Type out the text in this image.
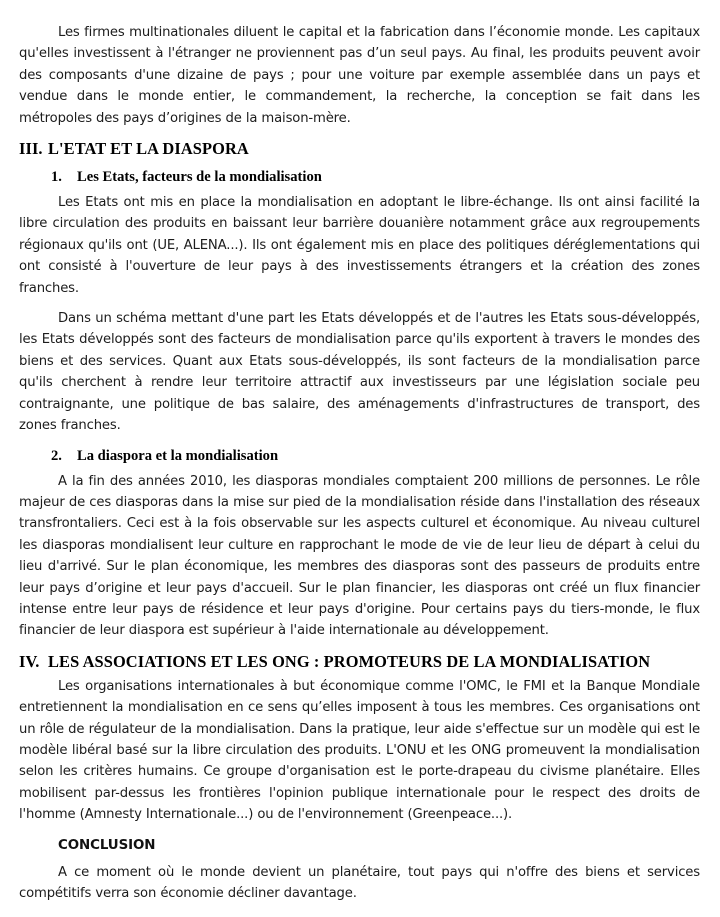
Les firmes multinationales diluent le capital et la fabrication dans l’économie monde. Les capitaux qu'elles investissent à l'étranger ne proviennent pas d’un seul pays. Au final, les produits peuvent avoir des composants d'une dizaine de pays ; pour une voiture par exemple assemblée dans un pays et vendue dans le monde entier, le commandement, la recherche, la conception se fait dans les métropoles des pays d’origines de la maison-mère.

III. L'ETAT ET LA DIASPORA
1. Les Etats, facteurs de la mondialisation

Les Etats ont mis en place la mondialisation en adoptant le libre-échange. Ils ont ainsi facilité la libre circulation des produits en baissant leur barrière douanière notamment grâce aux regroupements régionaux qu'ils ont (UE, ALENA...). Ils ont également mis en place des politiques déréglementations qui ont consisté à l'ouverture de leur pays à des investissements étrangers et la création des zones franches.

Dans un schéma mettant d'une part les Etats développés et de l'autres les Etats sous-développés, les Etats développés sont des facteurs de mondialisation parce qu'ils exportent à travers le mondes des biens et des services. Quant aux Etats sous-développés, ils sont facteurs de la mondialisation parce qu'ils cherchent à rendre leur territoire attractif aux investisseurs par une législation sociale peu contraignante, une politique de bas salaire, des aménagements d'infrastructures de transport, des zones franches.

2. La diaspora et la mondialisation

A la fin des années 2010, les diasporas mondiales comptaient 200 millions de personnes. Le rôle majeur de ces diasporas dans la mise sur pied de la mondialisation réside dans l'installation des réseaux transfrontaliers. Ceci est à la fois observable sur les aspects culturel et économique. Au niveau culturel les diasporas mondialisent leur culture en rapprochant le mode de vie de leur lieu de départ à celui du lieu d'arrivé. Sur le plan économique, les membres des diasporas sont des passeurs de produits entre leur pays d’origine et leur pays d'accueil. Sur le plan financier, les diasporas ont créé un flux financier intense entre leur pays de résidence et leur pays d'origine. Pour certains pays du tiers-monde, le flux financier de leur diaspora est supérieur à l'aide internationale au développement.

IV. LES ASSOCIATIONS ET LES ONG : PROMOTEURS DE LA MONDIALISATION

Les organisations internationales à but économique comme l'OMC, le FMI et la Banque Mondiale entretiennent la mondialisation en ce sens qu’elles imposent à tous les membres. Ces organisations ont un rôle de régulateur de la mondialisation. Dans la pratique, leur aide s'effectue sur un modèle qui est le modèle libéral basé sur la libre circulation des produits. L'ONU et les ONG promeuvent la mondialisation selon les critères humains. Ce groupe d'organisation est le porte-drapeau du civisme planétaire. Elles mobilisent par-dessus les frontières l'opinion publique internationale pour le respect des droits de l'homme (Amnesty Internationale...) ou de l'environnement (Greenpeace...).

CONCLUSION

A ce moment où le monde devient un planétaire, tout pays qui n'offre des biens et services compétitifs verra son économie décliner davantage.
